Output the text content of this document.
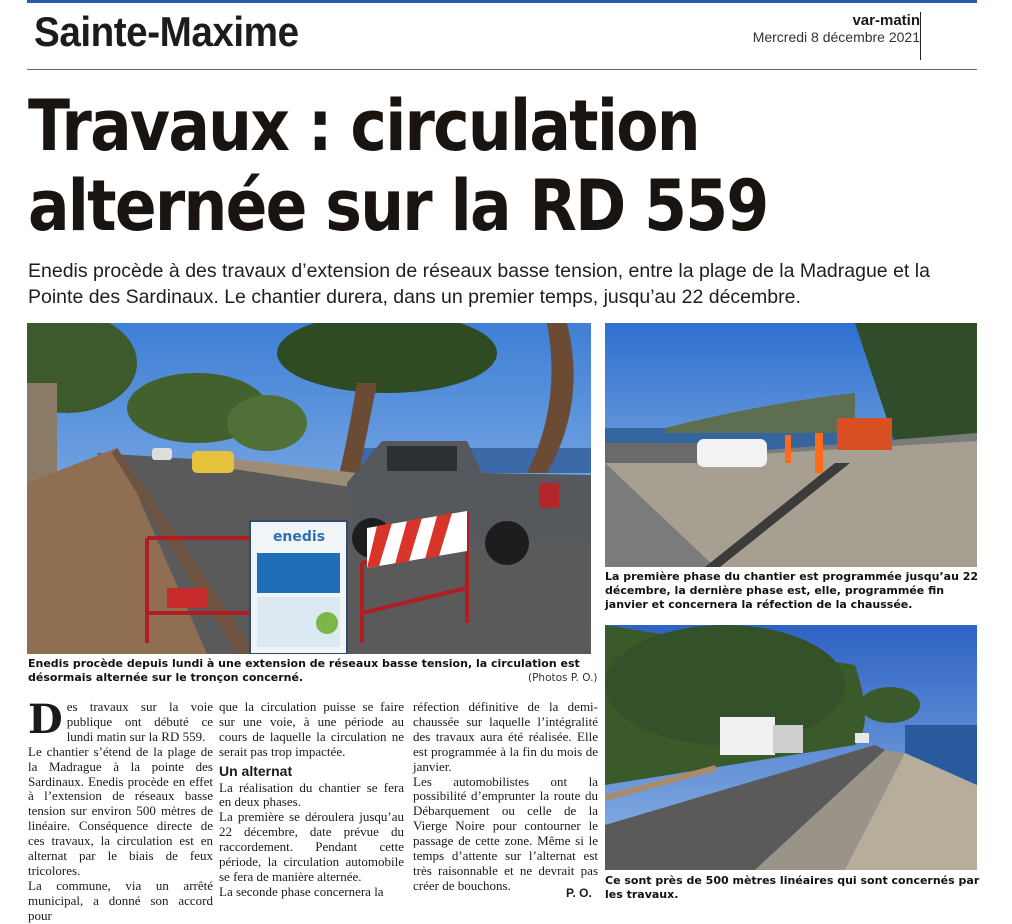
Sainte-Maxime	var-matin
Mercredi 8 décembre 2021
Travaux : circulation
alternée sur la RD 559
Enedis procède à des travaux d’extension de réseaux basse tension, entre la plage de la Madrague et la Pointe des Sardinaux. Le chantier durera, dans un premier temps, jusqu’au 22 décembre.
enedis
Enedis procède depuis lundi à une extension de réseaux basse tension, la circulation est désormais alternée sur le tronçon concerné.	(Photos P. O.)
La première phase du chantier est programmée jusqu’au 22 décembre, la dernière phase est, elle, programmée fin janvier et concernera la réfection de la chaussée.
Ce sont près de 500 mètres linéaires qui sont concernés par les travaux.

Des travaux sur la voie publique ont débuté ce lundi matin sur la RD 559.

Le chantier s’étend de la plage de la Madrague à la pointe des Sardinaux. Enedis procède en effet à l’extension de réseaux basse tension sur environ 500 mètres de linéaire. Conséquence directe de ces travaux, la circulation est en alternat par le biais de feux tricolores.

La commune, via un arrêté municipal, a donné son accord pour

que la circulation puisse se faire sur une voie, à une période au cours de laquelle la circulation ne serait pas trop impactée.

Un alternat

La réalisation du chantier se fera en deux phases.

La première se déroulera jusqu’au 22 décembre, date prévue du raccordement. Pendant cette période, la circulation automobile se fera de manière alternée.

La seconde phase concernera la

réfection définitive de la demi-chaussée sur laquelle l’intégralité des travaux aura été réalisée. Elle est programmée à la fin du mois de janvier.

Les automobilistes ont la possibilité d’emprunter la route du Débarquement ou celle de la Vierge Noire pour contourner le passage de cette zone. Même si le temps d’attente sur l’alternat est très raisonnable et ne devrait pas créer de bouchons.

P. O.
